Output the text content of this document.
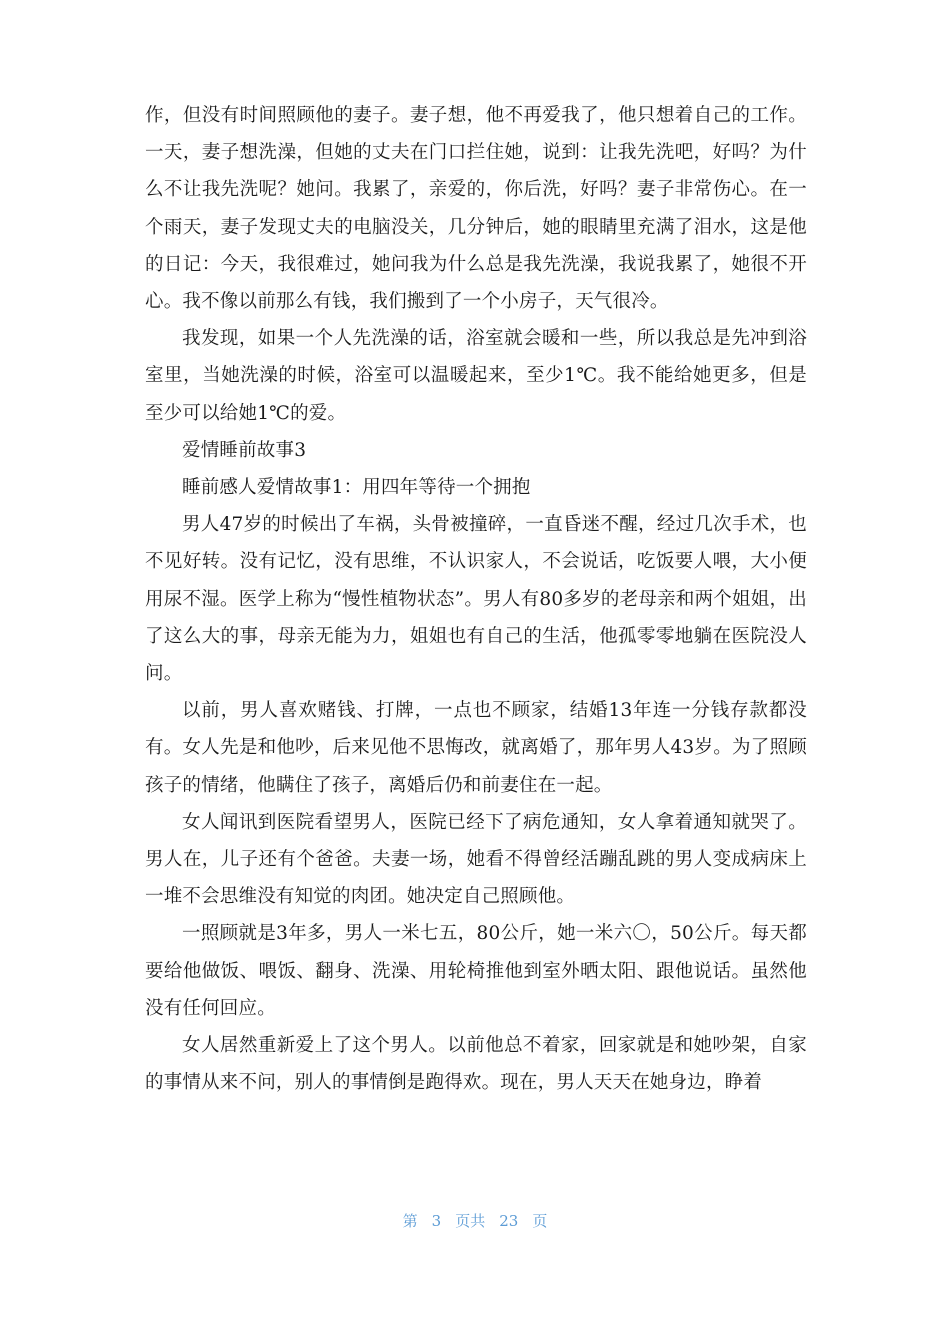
作，但没有时间照顾他的妻子。妻子想，他不再爱我了，他只想着自己的工作。一天，妻子想洗澡，但她的丈夫在门口拦住她，说到：让我先洗吧，好吗？为什么不让我先洗呢？她问。我累了，亲爱的，你后洗，好吗？妻子非常伤心。在一个雨天，妻子发现丈夫的电脑没关，几分钟后，她的眼睛里充满了泪水，这是他的日记：今天，我很难过，她问我为什么总是我先洗澡，我说我累了，她很不开心。我不像以前那么有钱，我们搬到了一个小房子，天气很冷。

我发现，如果一个人先洗澡的话，浴室就会暖和一些，所以我总是先冲到浴室里，当她洗澡的时候，浴室可以温暖起来，至少1℃。我不能给她更多，但是至少可以给她1℃的爱。

爱情睡前故事3

睡前感人爱情故事1：用四年等待一个拥抱

男人47岁的时候出了车祸，头骨被撞碎，一直昏迷不醒，经过几次手术，也不见好转。没有记忆，没有思维，不认识家人，不会说话，吃饭要人喂，大小便用尿不湿。医学上称为“慢性植物状态”。男人有80多岁的老母亲和两个姐姐，出了这么大的事，母亲无能为力，姐姐也有自己的生活，他孤零零地躺在医院没人问。

以前，男人喜欢赌钱、打牌，一点也不顾家，结婚13年连一分钱存款都没有。女人先是和他吵，后来见他不思悔改，就离婚了，那年男人43岁。为了照顾孩子的情绪，他瞒住了孩子，离婚后仍和前妻住在一起。

女人闻讯到医院看望男人，医院已经下了病危通知，女人拿着通知就哭了。男人在，儿子还有个爸爸。夫妻一场，她看不得曾经活蹦乱跳的男人变成病床上一堆不会思维没有知觉的肉团。她决定自己照顾他。

一照顾就是3年多，男人一米七五，80公斤，她一米六〇，50公斤。每天都要给他做饭、喂饭、翻身、洗澡、用轮椅推他到室外晒太阳、跟他说话。虽然他没有任何回应。

女人居然重新爱上了这个男人。以前他总不着家，回家就是和她吵架，自家的事情从来不问，别人的事情倒是跑得欢。现在，男人天天在她身边，睁着

第 3 页共 23 页
